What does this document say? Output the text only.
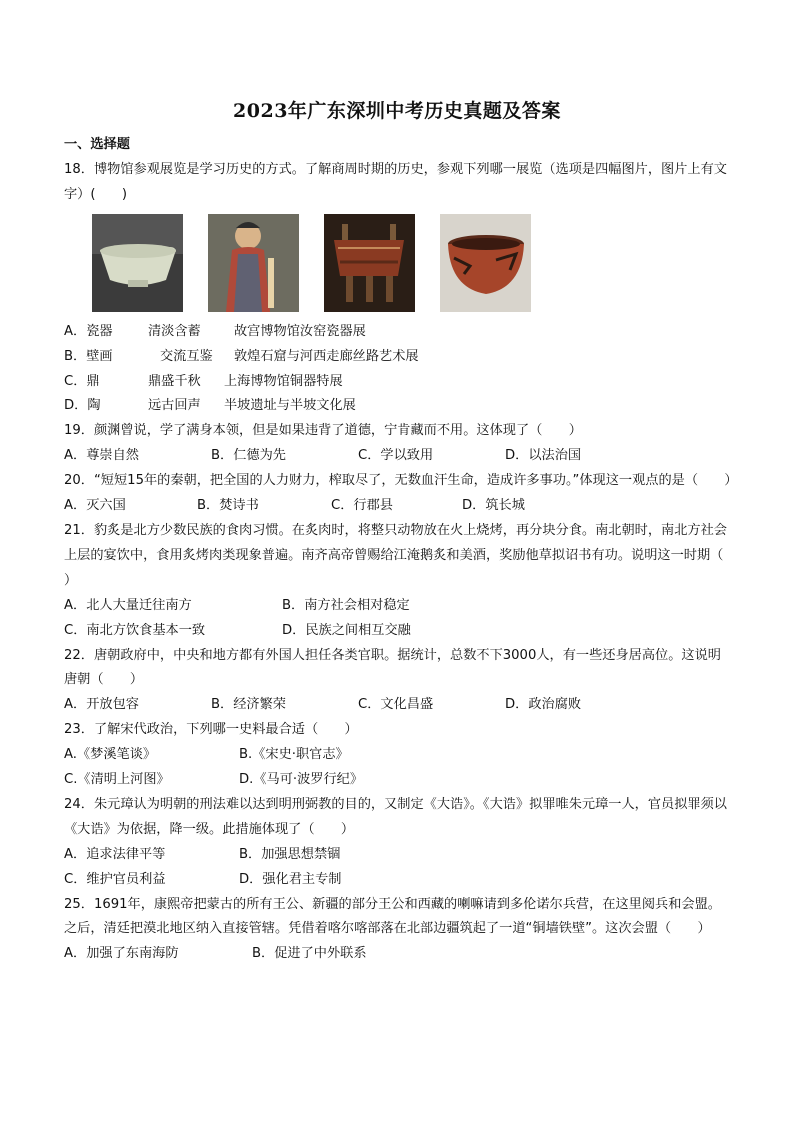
2023年广东深圳中考历史真题及答案
一、选择题
18．博物馆参观展览是学习历史的方式。了解商周时期的历史，参观下列哪一展览（选项是四幅图片，图片上有文字）(　　)
A．瓷器	清淡含蓄	故宫博物馆汝窑瓷器展
B．壁画	交流互鉴	敦煌石窟与河西走廊丝路艺术展
C．鼎	鼎盛千秋	上海博物馆铜器特展
D．陶	远古回声	半坡遗址与半坡文化展
19．颜渊曾说，学了满身本领，但是如果违背了道德，宁肯藏而不用。这体现了（　　）
A．尊崇自然	B．仁德为先	C．学以致用	D．以法治国
20．“短短15年的秦朝，把全国的人力财力，榨取尽了，无数血汗生命，造成许多事功。”体现这一观点的是（　　）
A．灭六国	B．焚诗书	C．行郡县	D．筑长城
21．豹炙是北方少数民族的食肉习惯。在炙肉时，将整只动物放在火上烧烤，再分块分食。南北朝时，南北方社会上层的宴饮中，食用炙烤肉类现象普遍。南齐高帝曾赐给江淹鹅炙和美酒，奖励他草拟诏书有功。说明这一时期（　　）
A．北人大量迁往南方	B．南方社会相对稳定
C．南北方饮食基本一致	D．民族之间相互交融
22．唐朝政府中，中央和地方都有外国人担任各类官职。据统计，总数不下3000人，有一些还身居高位。这说明唐朝（　　）
A．开放包容	B．经济繁荣	C．文化昌盛	D．政治腐败
23．了解宋代政治，下列哪一史料最合适（　　）
A.《梦溪笔谈》	B.《宋史·职官志》
C.《清明上河图》	D.《马可·波罗行纪》
24．朱元璋认为明朝的刑法难以达到明刑弼教的目的，又制定《大诰》。《大诰》拟罪唯朱元璋一人，官员拟罪须以《大诰》为依据，降一级。此措施体现了（　　）
A．追求法律平等	B．加强思想禁锢
C．维护官员利益	D．强化君主专制
25．1691年，康熙帝把蒙古的所有王公、新疆的部分王公和西藏的喇嘛请到多伦诺尔兵营，在这里阅兵和会盟。之后，清廷把漠北地区纳入直接管辖。凭借着喀尔喀部落在北部边疆筑起了一道“铜墙铁壁”。这次会盟（　　）
A．加强了东南海防	B．促进了中外联系
